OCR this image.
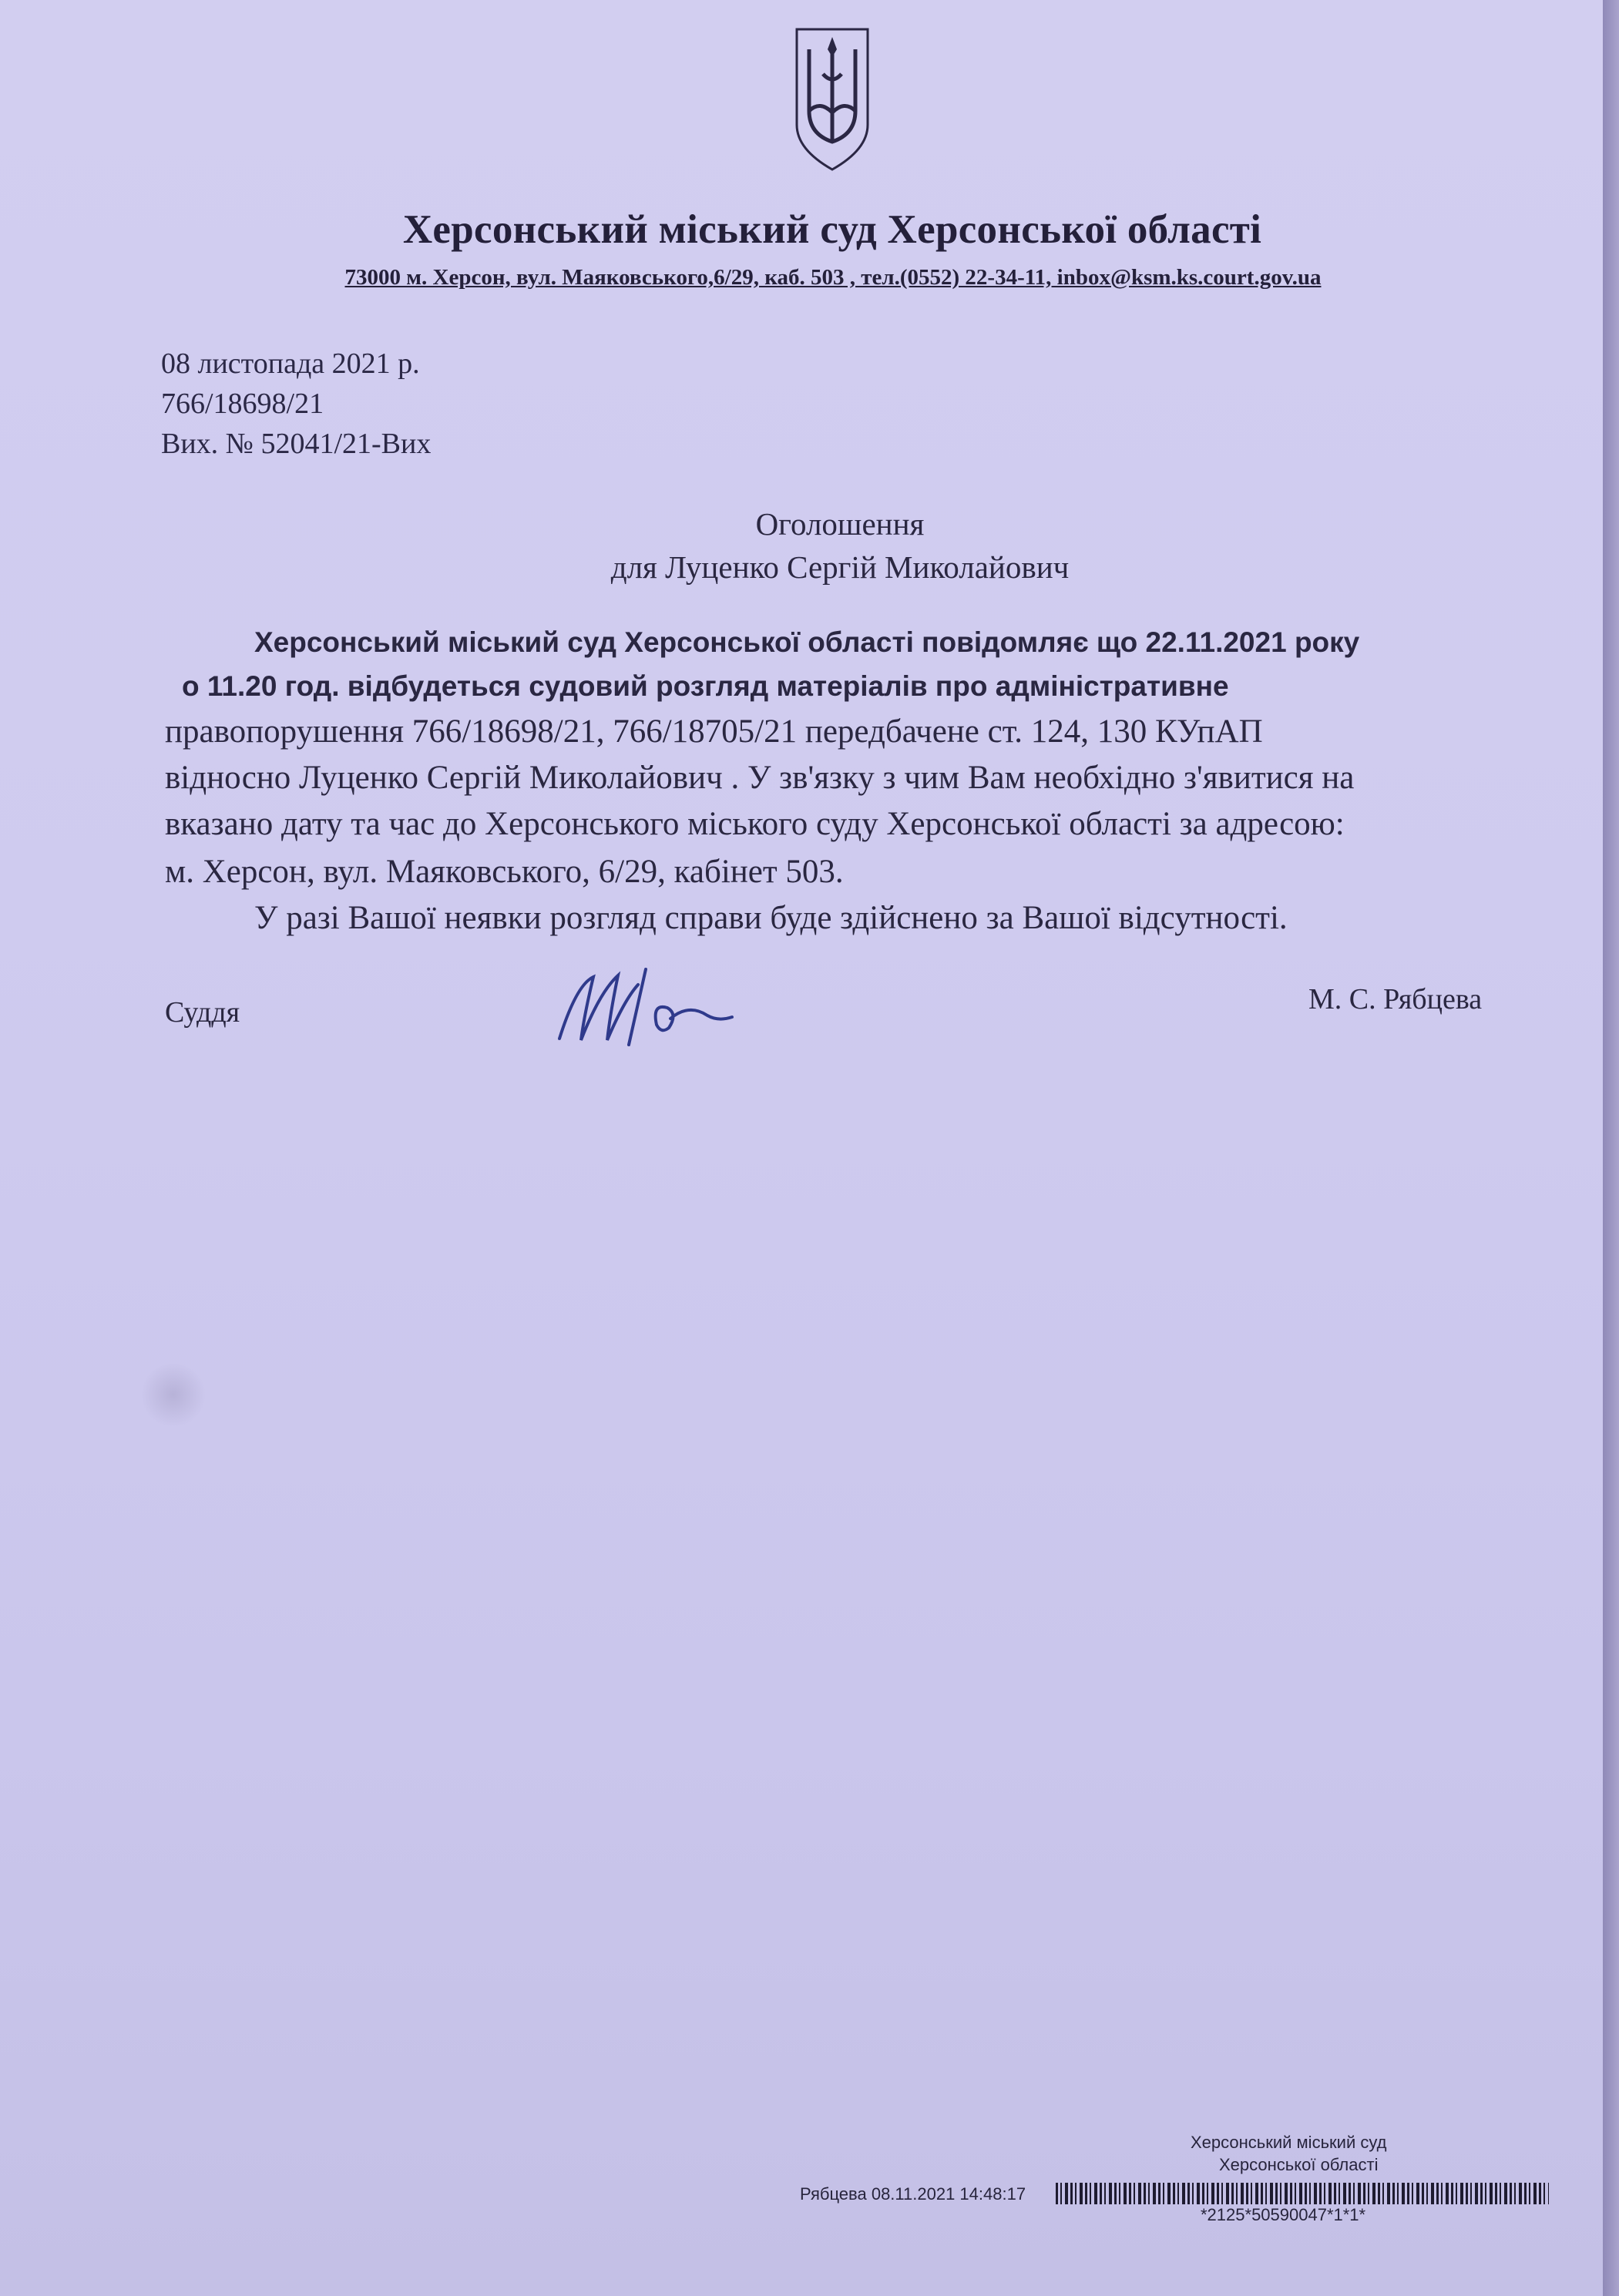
Херсонський міський суд Херсонської області
73000 м. Херсон, вул. Маяковського,6/29, каб. 503 , тел.(0552) 22-34-11, inbox@ksm.ks.court.gov.ua
08 листопада 2021 р.
766/18698/21
Вих. № 52041/21-Вих
Оголошення
для Луценко Сергій Миколайович
Херсонський міський суд Херсонської області повідомляє що 22.11.2021 року
о 11.20 год. відбудеться судовий розгляд матеріалів про адміністративне
правопорушення 766/18698/21, 766/18705/21 передбачене ст. 124, 130 КУпАП
відносно Луценко Сергій Миколайович . У зв'язку з чим Вам необхідно з'явитися на
вказано дату та час до Херсонського міського суду Херсонської області за адресою:
м. Херсон, вул. Маяковського, 6/29, кабінет 503.
У разі Вашої неявки розгляд справи буде здійснено за Вашої відсутності.
Суддя	М. С. Рябцева
Херсонський міський суд
Херсонської області
Рябцева 08.11.2021 14:48:17
*2125*50590047*1*1*
